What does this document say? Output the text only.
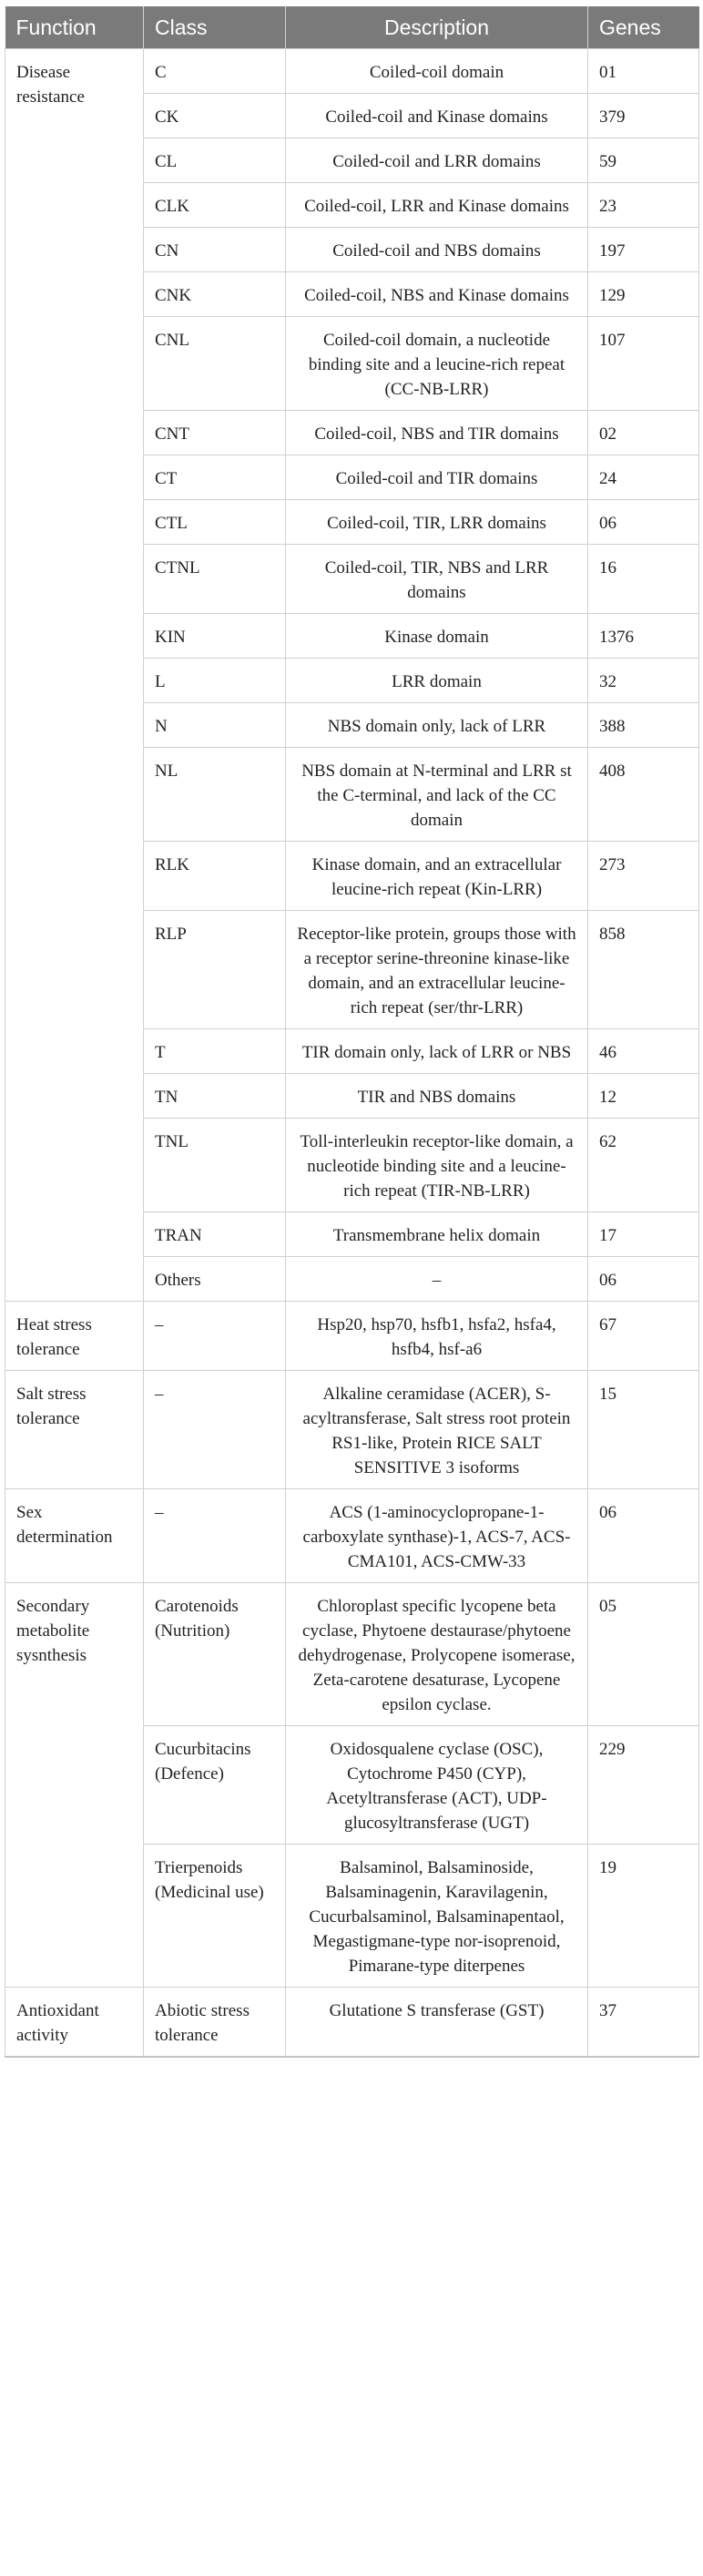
Function	Class	Description	Genes
Disease resistance	C	Coiled-coil domain	01
	CK	Coiled-coil and Kinase domains	379
	CL	Coiled-coil and LRR domains	59
	CLK	Coiled-coil, LRR and Kinase domains	23
	CN	Coiled-coil and NBS domains	197
	CNK	Coiled-coil, NBS and Kinase domains	129
	CNL	Coiled-coil domain, a nucleotide binding site and a leucine-rich repeat (CC-NB-LRR)	107
	CNT	Coiled-coil, NBS and TIR domains	02
	CT	Coiled-coil and TIR domains	24
	CTL	Coiled-coil, TIR, LRR domains	06
	CTNL	Coiled-coil, TIR, NBS and LRR domains	16
	KIN	Kinase domain	1376
	L	LRR domain	32
	N	NBS domain only, lack of LRR	388
	NL	NBS domain at N-terminal and LRR st the C-terminal, and lack of the CC domain	408
	RLK	Kinase domain, and an extracellular leucine-rich repeat (Kin-LRR)	273
	RLP	Receptor-like protein, groups those with a receptor serine-threonine kinase-like domain, and an extracellular leucine-rich repeat (ser/thr-LRR)	858
	T	TIR domain only, lack of LRR or NBS	46
	TN	TIR and NBS domains	12
	TNL	Toll-interleukin receptor-like domain, a nucleotide binding site and a leucine-rich repeat (TIR-NB-LRR)	62
	TRAN	Transmembrane helix domain	17
	Others	–	06
Heat stress tolerance	–	Hsp20, hsp70, hsfb1, hsfa2, hsfa4, hsfb4, hsf-a6	67
Salt stress tolerance	–	Alkaline ceramidase (ACER), S-acyltransferase, Salt stress root protein RS1-like, Protein RICE SALT SENSITIVE 3 isoforms	15
Sex determination	–	ACS (1-aminocyclopropane-1-carboxylate synthase)-1, ACS-7, ACS-CMA101, ACS-CMW-33	06
Secondary metabolite sysnthesis	Carotenoids (Nutrition)	Chloroplast specific lycopene beta cyclase, Phytoene destaurase/phytoene dehydrogenase, Prolycopene isomerase, Zeta-carotene desaturase, Lycopene epsilon cyclase.	05
	Cucurbitacins (Defence)	Oxidosqualene cyclase (OSC), Cytochrome P450 (CYP), Acetyltransferase (ACT), UDP-glucosyltransferase (UGT)	229
	Trierpenoids (Medicinal use)	Balsaminol, Balsaminoside, Balsaminagenin, Karavilagenin, Cucurbalsaminol, Balsaminapentaol, Megastigmane-type nor-isoprenoid, Pimarane-type diterpenes	19
Antioxidant activity	Abiotic stress tolerance	Glutatione S transferase (GST)	37
